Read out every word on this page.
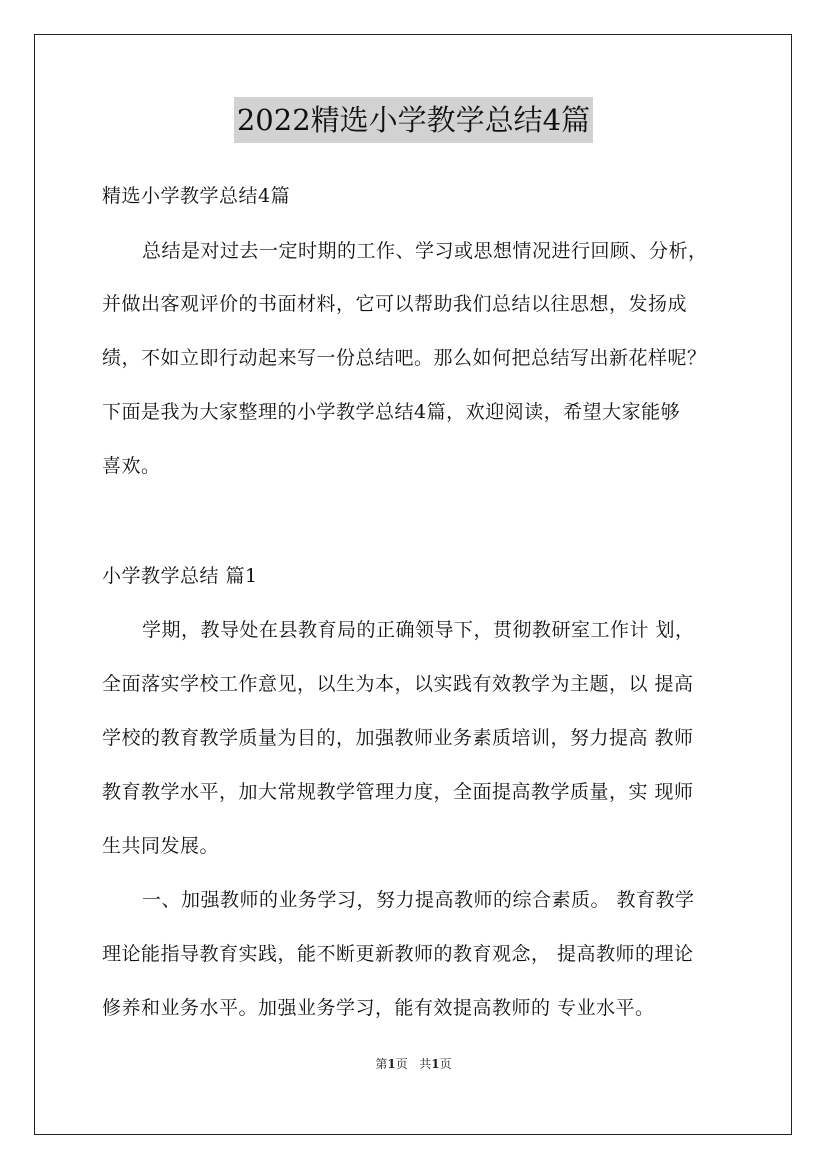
2022精选小学教学总结4篇
精选小学教学总结4篇
总结是对过去一定时期的工作、学习或思想情况进行回顾、分析，
并做出客观评价的书面材料，它可以帮助我们总结以往思想，发扬成
绩，不如立即行动起来写一份总结吧。那么如何把总结写出新花样呢？
下面是我为大家整理的小学教学总结4篇，欢迎阅读，希望大家能够
喜欢。
小学教学总结 篇1
学期，教导处在县教育局的正确领导下，贯彻教研室工作计 划，
全面落实学校工作意见，以生为本，以实践有效教学为主题，以 提高
学校的教育教学质量为目的，加强教师业务素质培训，努力提高 教师
教育教学水平，加大常规教学管理力度，全面提高教学质量，实 现师
生共同发展。
一、加强教师的业务学习，努力提高教师的综合素质。 教育教学
理论能指导教育实践，能不断更新教师的教育观念， 提高教师的理论
修养和业务水平。加强业务学习，能有效提高教师的 专业水平。
第1页 共1页
